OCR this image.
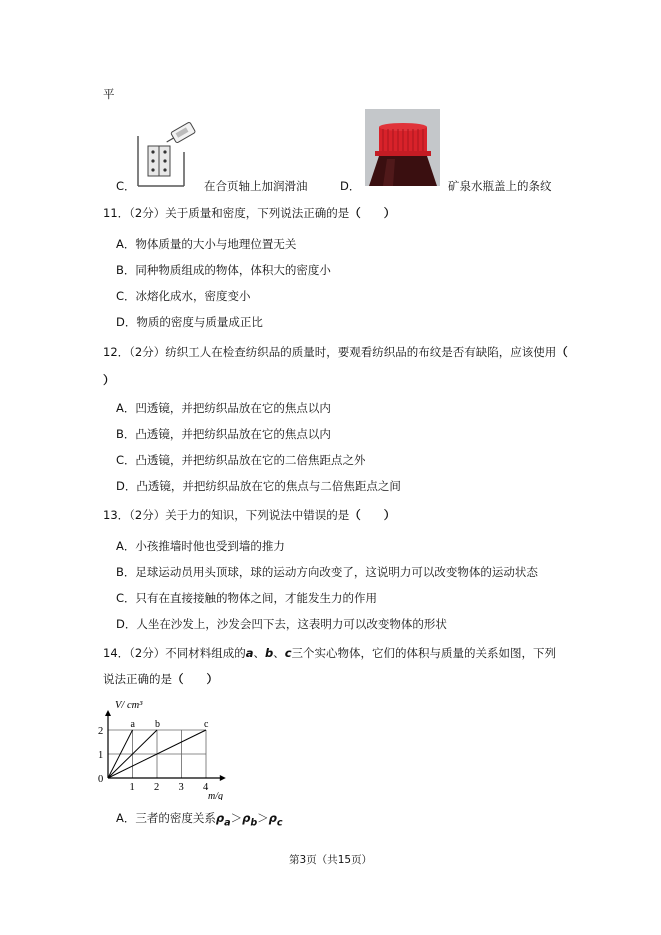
平
C．	在合页轴上加润滑油	D．	矿泉水瓶盖上的条纹
11．（2分）关于质量和密度，下列说法正确的是（　　）
A．物体质量的大小与地理位置无关
B．同种物质组成的物体，体积大的密度小
C．冰熔化成水，密度变小
D．物质的密度与质量成正比
12．（2分）纺织工人在检查纺织品的质量时，要观看纺织品的布纹是否有缺陷，应该使用（
）
A．凹透镜，并把纺织品放在它的焦点以内
B．凸透镜，并把纺织品放在它的焦点以内
C．凸透镜，并把纺织品放在它的二倍焦距点之外
D．凸透镜，并把纺织品放在它的焦点与二倍焦距点之间
13．（2分）关于力的知识，下列说法中错误的是（　　）
A．小孩推墙时他也受到墙的推力
B．足球运动员用头顶球，球的运动方向改变了，这说明力可以改变物体的运动状态
C．只有在直接接触的物体之间，才能发生力的作用
D．人坐在沙发上，沙发会凹下去，这表明力可以改变物体的形状
14．（2分）不同材料组成的a、b、c三个实心物体，它们的体积与质量的关系如图，下列
说法正确的是（　　）
a b	c
1 2 3 4
1
2
0
m/g
V/ cm³
A．三者的密度关系$\rho_a>\rho_b>\rho_c$
第3页（共15页）
